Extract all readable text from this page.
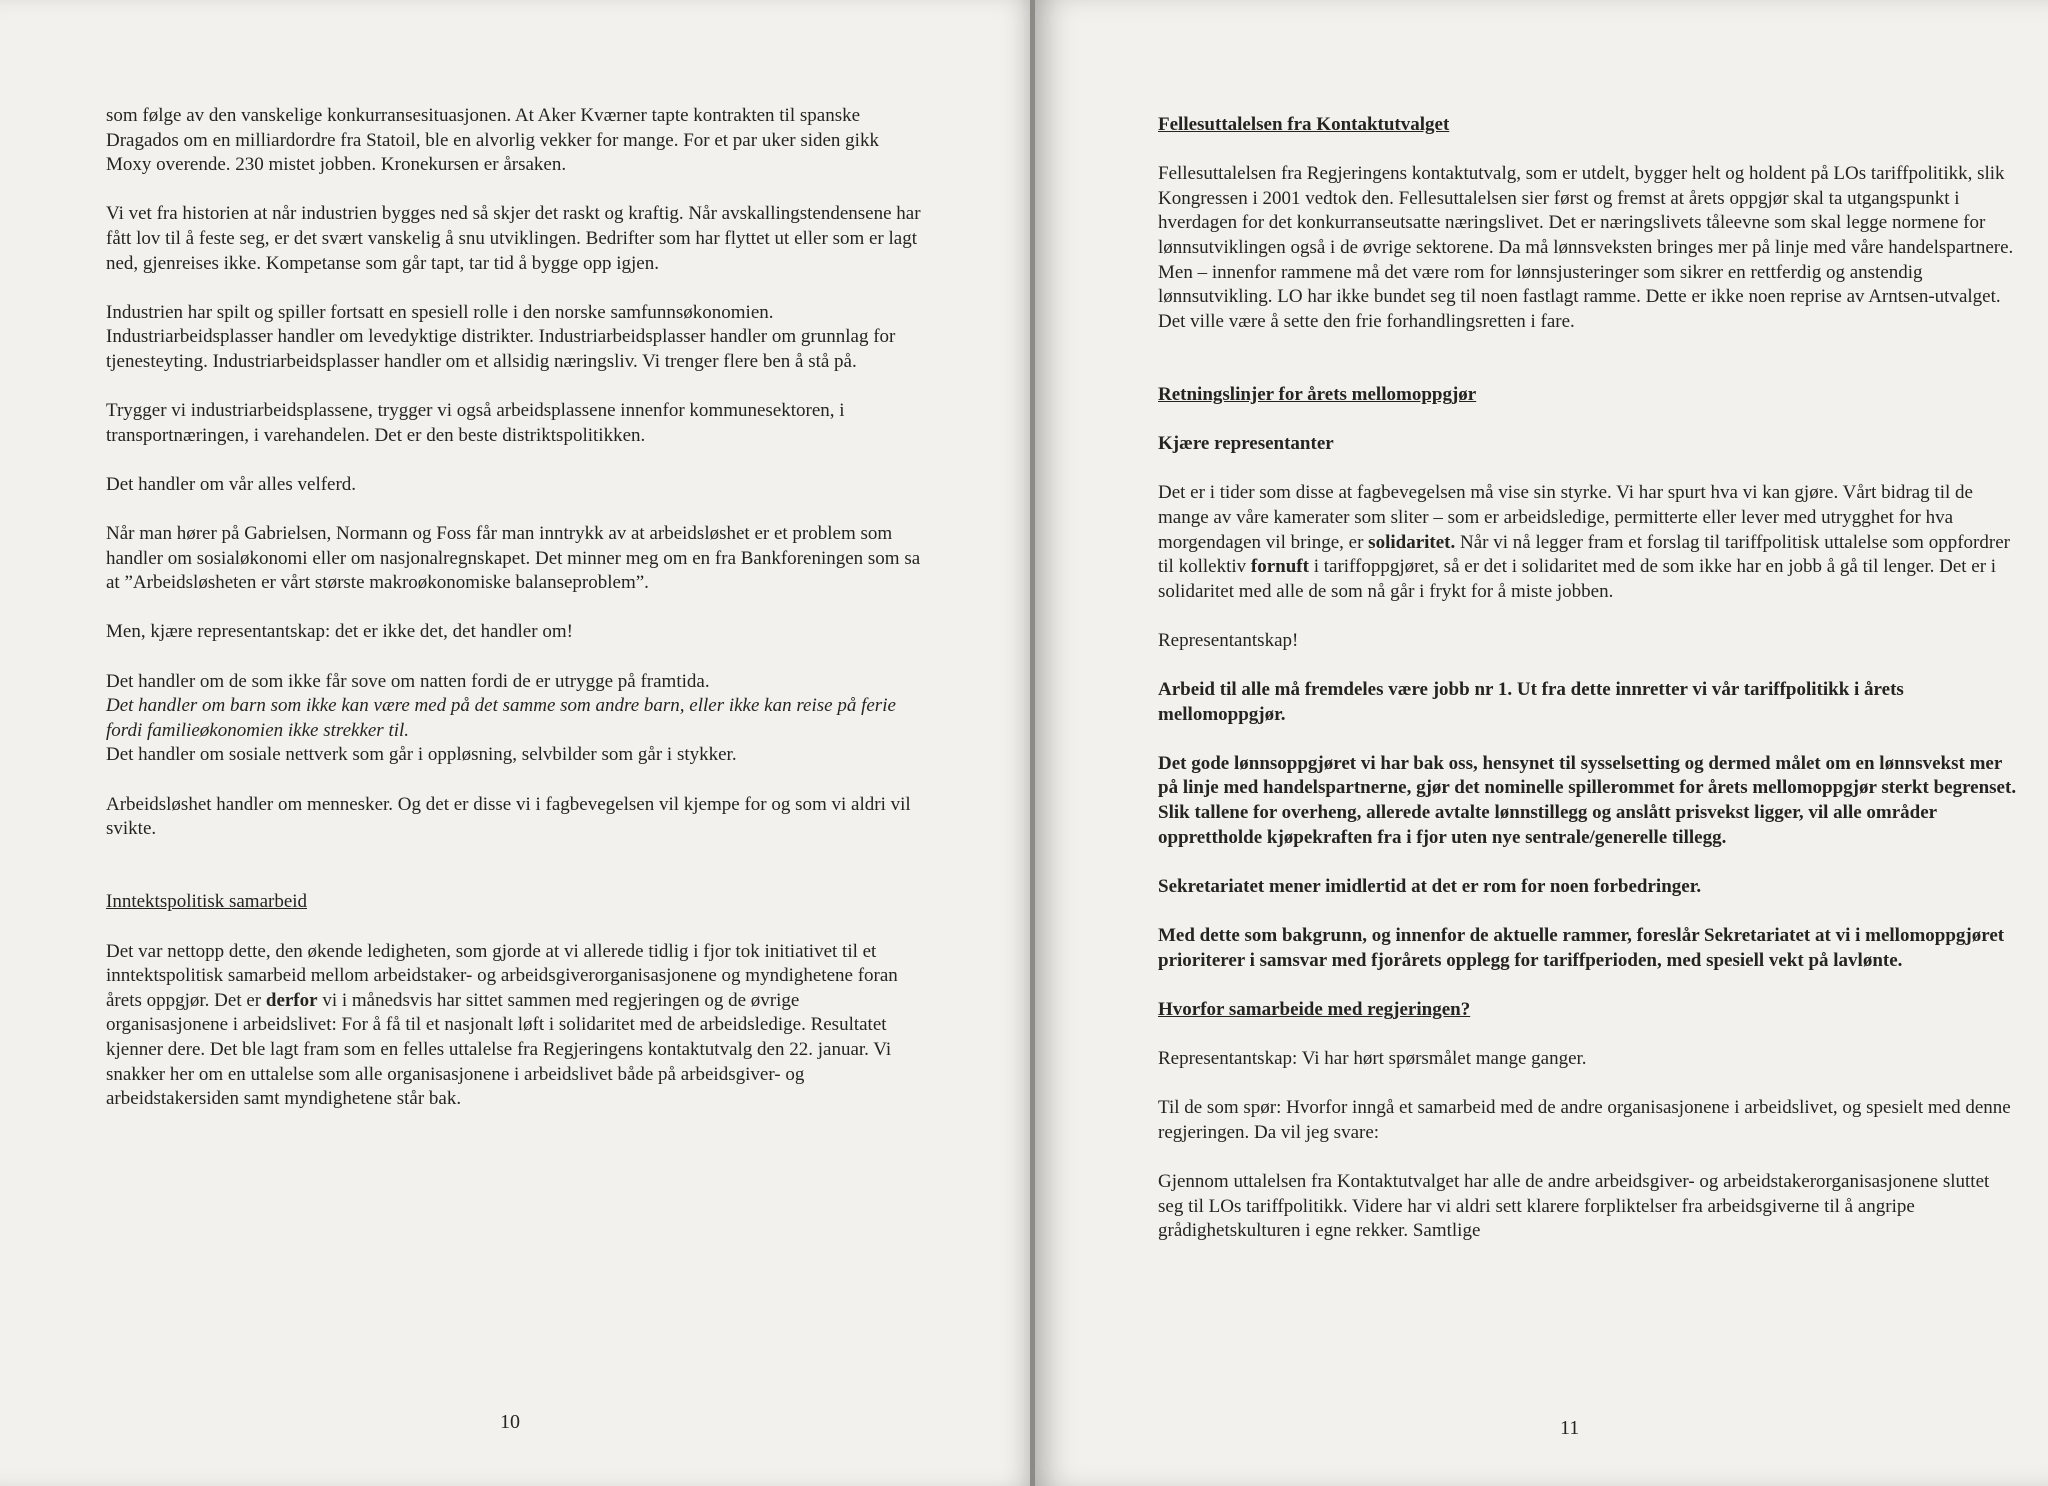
som følge av den vanskelige konkurransesituasjonen. At Aker Kværner tapte kontrakten til spanske Dragados om en milliardordre fra Statoil, ble en alvorlig vekker for mange. For et par uker siden gikk Moxy overende. 230 mistet jobben. Kronekursen er årsaken.

Vi vet fra historien at når industrien bygges ned så skjer det raskt og kraftig. Når avskallingstendensene har fått lov til å feste seg, er det svært vanskelig å snu utviklingen. Bedrifter som har flyttet ut eller som er lagt ned, gjenreises ikke. Kompetanse som går tapt, tar tid å bygge opp igjen.

Industrien har spilt og spiller fortsatt en spesiell rolle i den norske samfunnsøkonomien. Industriarbeidsplasser handler om levedyktige distrikter. Industriarbeidsplasser handler om grunnlag for tjenesteyting. Industriarbeidsplasser handler om et allsidig næringsliv. Vi trenger flere ben å stå på.

Trygger vi industriarbeidsplassene, trygger vi også arbeidsplassene innenfor kommunesektoren, i transportnæringen, i varehandelen. Det er den beste distriktspolitikken.

Det handler om vår alles velferd.

Når man hører på Gabrielsen, Normann og Foss får man inntrykk av at arbeidsløshet er et problem som handler om sosialøkonomi eller om nasjonalregnskapet. Det minner meg om en fra Bankforeningen som sa at ”Arbeidsløsheten er vårt største makroøkonomiske balanseproblem”.

Men, kjære representantskap: det er ikke det, det handler om!

Det handler om de som ikke får sove om natten fordi de er utrygge på framtida.

Det handler om barn som ikke kan være med på det samme som andre barn, eller ikke kan reise på ferie fordi familieøkonomien ikke strekker til.

Det handler om sosiale nettverk som går i oppløsning, selvbilder som går i stykker.

Arbeidsløshet handler om mennesker. Og det er disse vi i fagbevegelsen vil kjempe for og som vi aldri vil svikte.

Inntektspolitisk samarbeid

Det var nettopp dette, den økende ledigheten, som gjorde at vi allerede tidlig i fjor tok initiativet til et inntektspolitisk samarbeid mellom arbeidstaker- og arbeidsgiverorganisasjonene og myndighetene foran årets oppgjør. Det er derfor vi i månedsvis har sittet sammen med regjeringen og de øvrige organisasjonene i arbeidslivet: For å få til et nasjonalt løft i solidaritet med de arbeidsledige. Resultatet kjenner dere. Det ble lagt fram som en felles uttalelse fra Regjeringens kontaktutvalg den 22. januar. Vi snakker her om en uttalelse som alle organisasjonene i arbeidslivet både på arbeidsgiver- og arbeidstakersiden samt myndighetene står bak.

10
Fellesuttalelsen fra Kontaktutvalget

Fellesuttalelsen fra Regjeringens kontaktutvalg, som er utdelt, bygger helt og holdent på LOs tariffpolitikk, slik Kongressen i 2001 vedtok den. Fellesuttalelsen sier først og fremst at årets oppgjør skal ta utgangspunkt i hverdagen for det konkurranseutsatte næringslivet. Det er næringslivets tåleevne som skal legge normene for lønnsutviklingen også i de øvrige sektorene. Da må lønnsveksten bringes mer på linje med våre handelspartnere. Men – innenfor rammene må det være rom for lønnsjusteringer som sikrer en rettferdig og anstendig lønnsutvikling. LO har ikke bundet seg til noen fastlagt ramme. Dette er ikke noen reprise av Arntsen-utvalget. Det ville være å sette den frie forhandlingsretten i fare.

Retningslinjer for årets mellomoppgjør
Kjære representanter

Det er i tider som disse at fagbevegelsen må vise sin styrke. Vi har spurt hva vi kan gjøre. Vårt bidrag til de mange av våre kamerater som sliter – som er arbeidsledige, permitterte eller lever med utrygghet for hva morgendagen vil bringe, er solidaritet. Når vi nå legger fram et forslag til tariffpolitisk uttalelse som oppfordrer til kollektiv fornuft i tariffoppgjøret, så er det i solidaritet med de som ikke har en jobb å gå til lenger. Det er i solidaritet med alle de som nå går i frykt for å miste jobben.

Representantskap!

Arbeid til alle må fremdeles være jobb nr 1. Ut fra dette innretter vi vår tariffpolitikk i årets mellomoppgjør.

Det gode lønnsoppgjøret vi har bak oss, hensynet til sysselsetting og dermed målet om en lønnsvekst mer på linje med handelspartnerne, gjør det nominelle spillerommet for årets mellomoppgjør sterkt begrenset. Slik tallene for overheng, allerede avtalte lønnstillegg og anslått prisvekst ligger, vil alle områder opprettholde kjøpekraften fra i fjor uten nye sentrale/generelle tillegg.

Sekretariatet mener imidlertid at det er rom for noen forbedringer.

Med dette som bakgrunn, og innenfor de aktuelle rammer, foreslår Sekretariatet at vi i mellomoppgjøret prioriterer i samsvar med fjorårets opplegg for tariffperioden, med spesiell vekt på lavlønte.

Hvorfor samarbeide med regjeringen?

Representantskap: Vi har hørt spørsmålet mange ganger.

Til de som spør: Hvorfor inngå et samarbeid med de andre organisasjonene i arbeidslivet, og spesielt med denne regjeringen. Da vil jeg svare:

Gjennom uttalelsen fra Kontaktutvalget har alle de andre arbeidsgiver- og arbeidstakerorganisasjonene sluttet seg til LOs tariffpolitikk. Videre har vi aldri sett klarere forpliktelser fra arbeidsgiverne til å angripe grådighetskulturen i egne rekker. Samtlige

11
